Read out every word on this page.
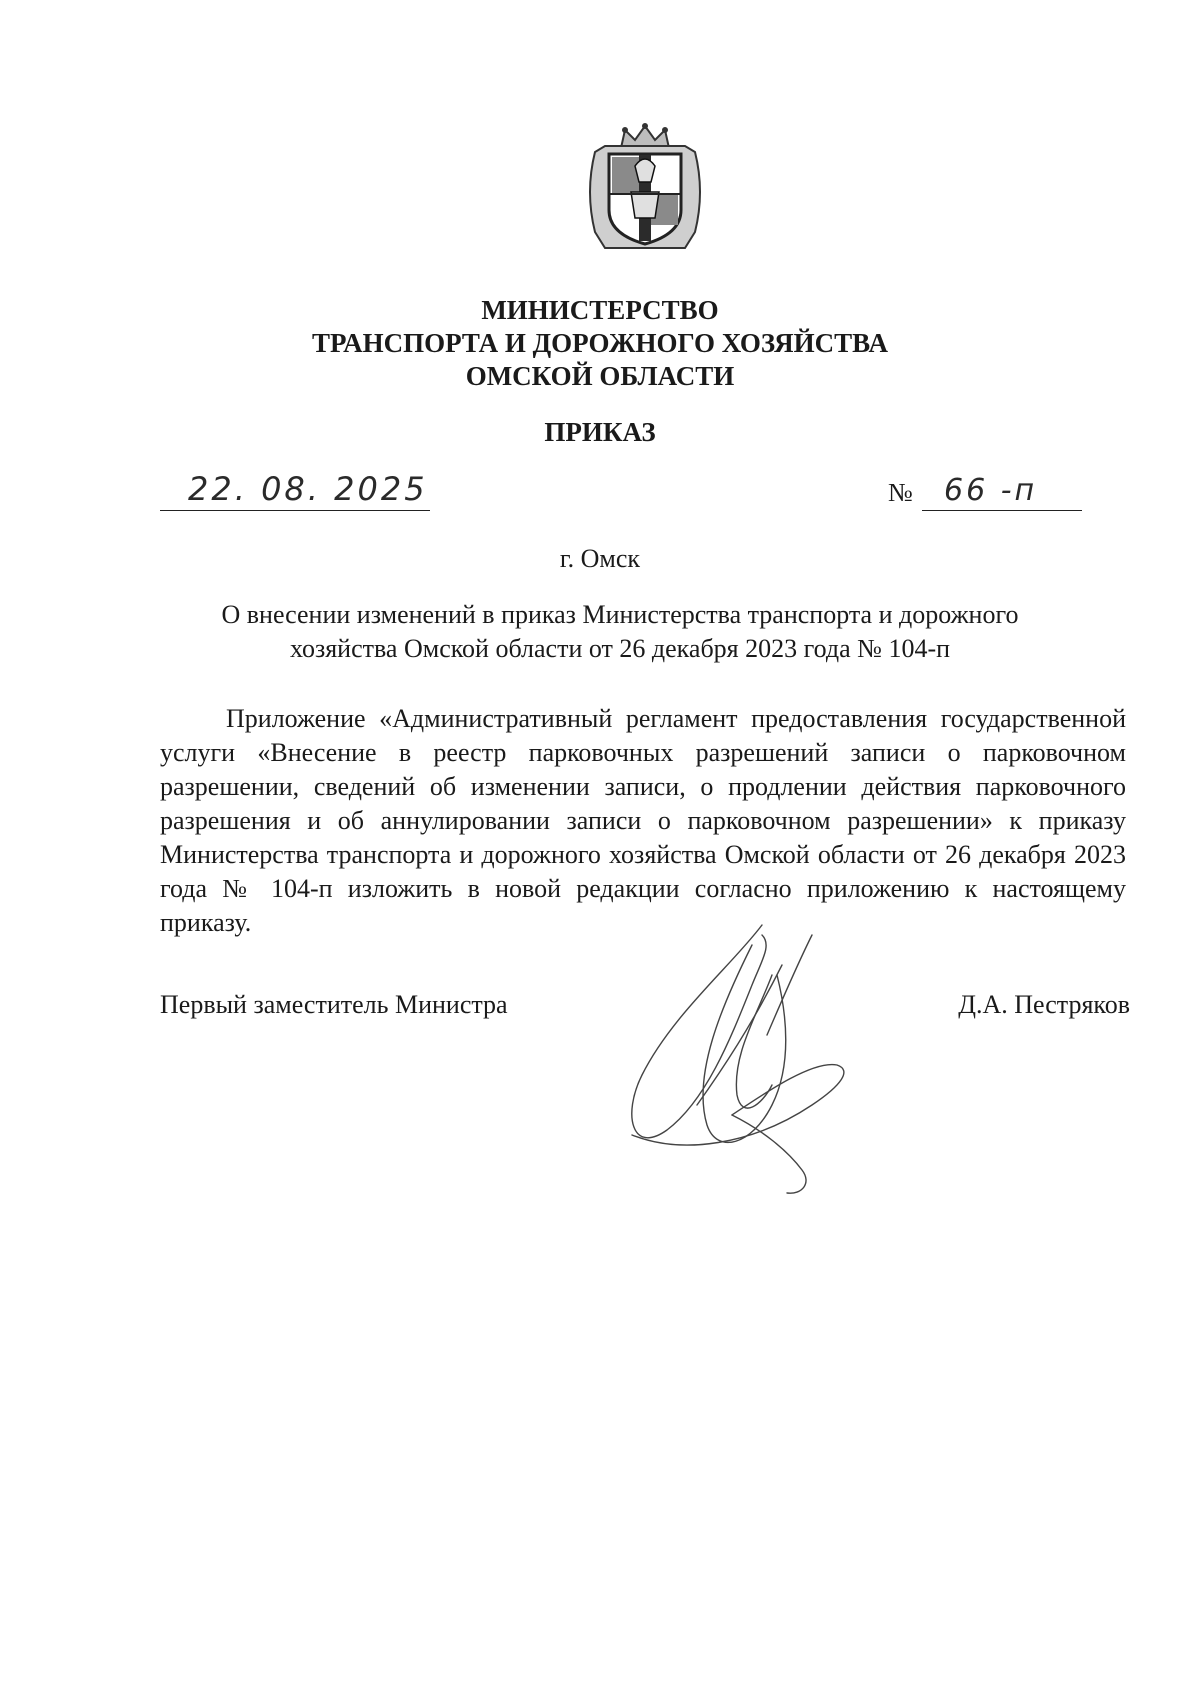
МИНИСТЕРСТВО
ТРАНСПОРТА И ДОРОЖНОГО ХОЗЯЙСТВА
ОМСКОЙ ОБЛАСТИ
ПРИКАЗ
22. 08. 2025	№ 66 -п
г. Омск
О внесении изменений в приказ Министерства транспорта и дорожного
хозяйства Омской области от 26 декабря 2023 года № 104-п

Приложение «Административный регламент предоставления государственной услуги «Внесение в реестр парковочных разрешений записи о парковочном разрешении, сведений об изменении записи, о продлении действия парковочного разрешения и об аннулировании записи о парковочном разрешении» к приказу Министерства транспорта и дорожного хозяйства Омской области от 26 декабря 2023 года № 104-п изложить в новой редакции согласно приложению к настоящему приказу.

Первый заместитель Министра	Д.А. Пестряков
